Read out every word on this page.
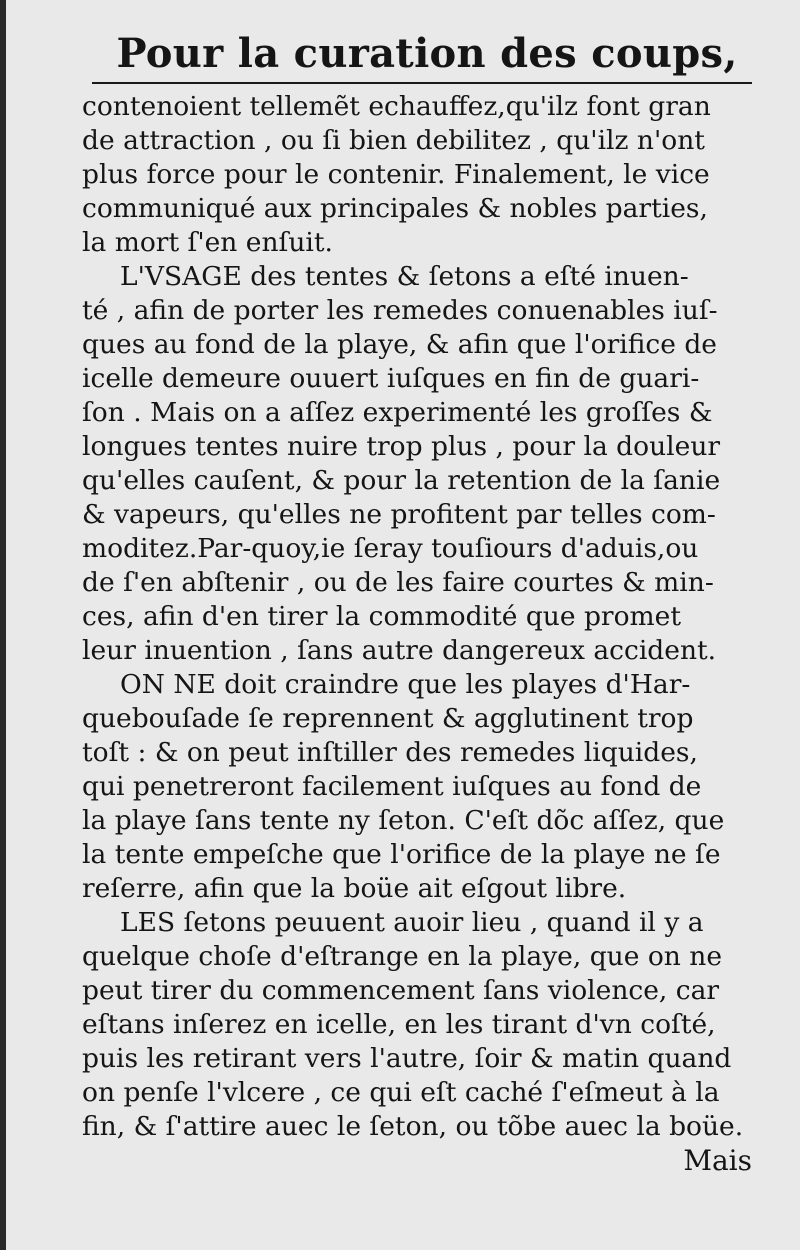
Pour la curation des coups,
contenoient tellemẽt echauffez,qu'ilz font gran
de attraction , ou ſi bien debilitez , qu'ilz n'ont
plus force pour le contenir. Finalement, le vice
communiqué aux principales & nobles parties,
la mort ſ'en enſuit.
L'VSAGE des tentes & ſetons a eſté inuen-
té , afin de porter les remedes conuenables iuſ-
ques au fond de la playe, & afin que l'orifice de
icelle demeure ouuert iuſques en fin de guari-
ſon . Mais on a aſſez experimenté les groſſes &
longues tentes nuire trop plus , pour la douleur
qu'elles cauſent, & pour la retention de la ſanie
& vapeurs, qu'elles ne profitent par telles com-
moditez.Par-quoy,ie ſeray touſiours d'aduis,ou
de ſ'en abſtenir , ou de les faire courtes & min-
ces, afin d'en tirer la commodité que promet
leur inuention , ſans autre dangereux accident.
ON NE doit craindre que les playes d'Har-
quebouſade ſe reprennent & agglutinent trop
toſt : & on peut inſtiller des remedes liquides,
qui penetreront facilement iuſques au fond de
la playe ſans tente ny ſeton. C'eſt dõc aſſez, que
la tente empeſche que l'orifice de la playe ne ſe
reſerre, afin que la boüe ait eſgout libre.
LES ſetons peuuent auoir lieu , quand il y a
quelque choſe d'eſtrange en la playe, que on ne
peut tirer du commencement ſans violence, car
eſtans inſerez en icelle, en les tirant d'vn coſté,
puis les retirant vers l'autre, ſoir & matin quand
on penſe l'vlcere , ce qui eſt caché ſ'eſmeut à la
fin, & ſ'attire auec le ſeton, ou tõbe auec la boüe.
Mais
